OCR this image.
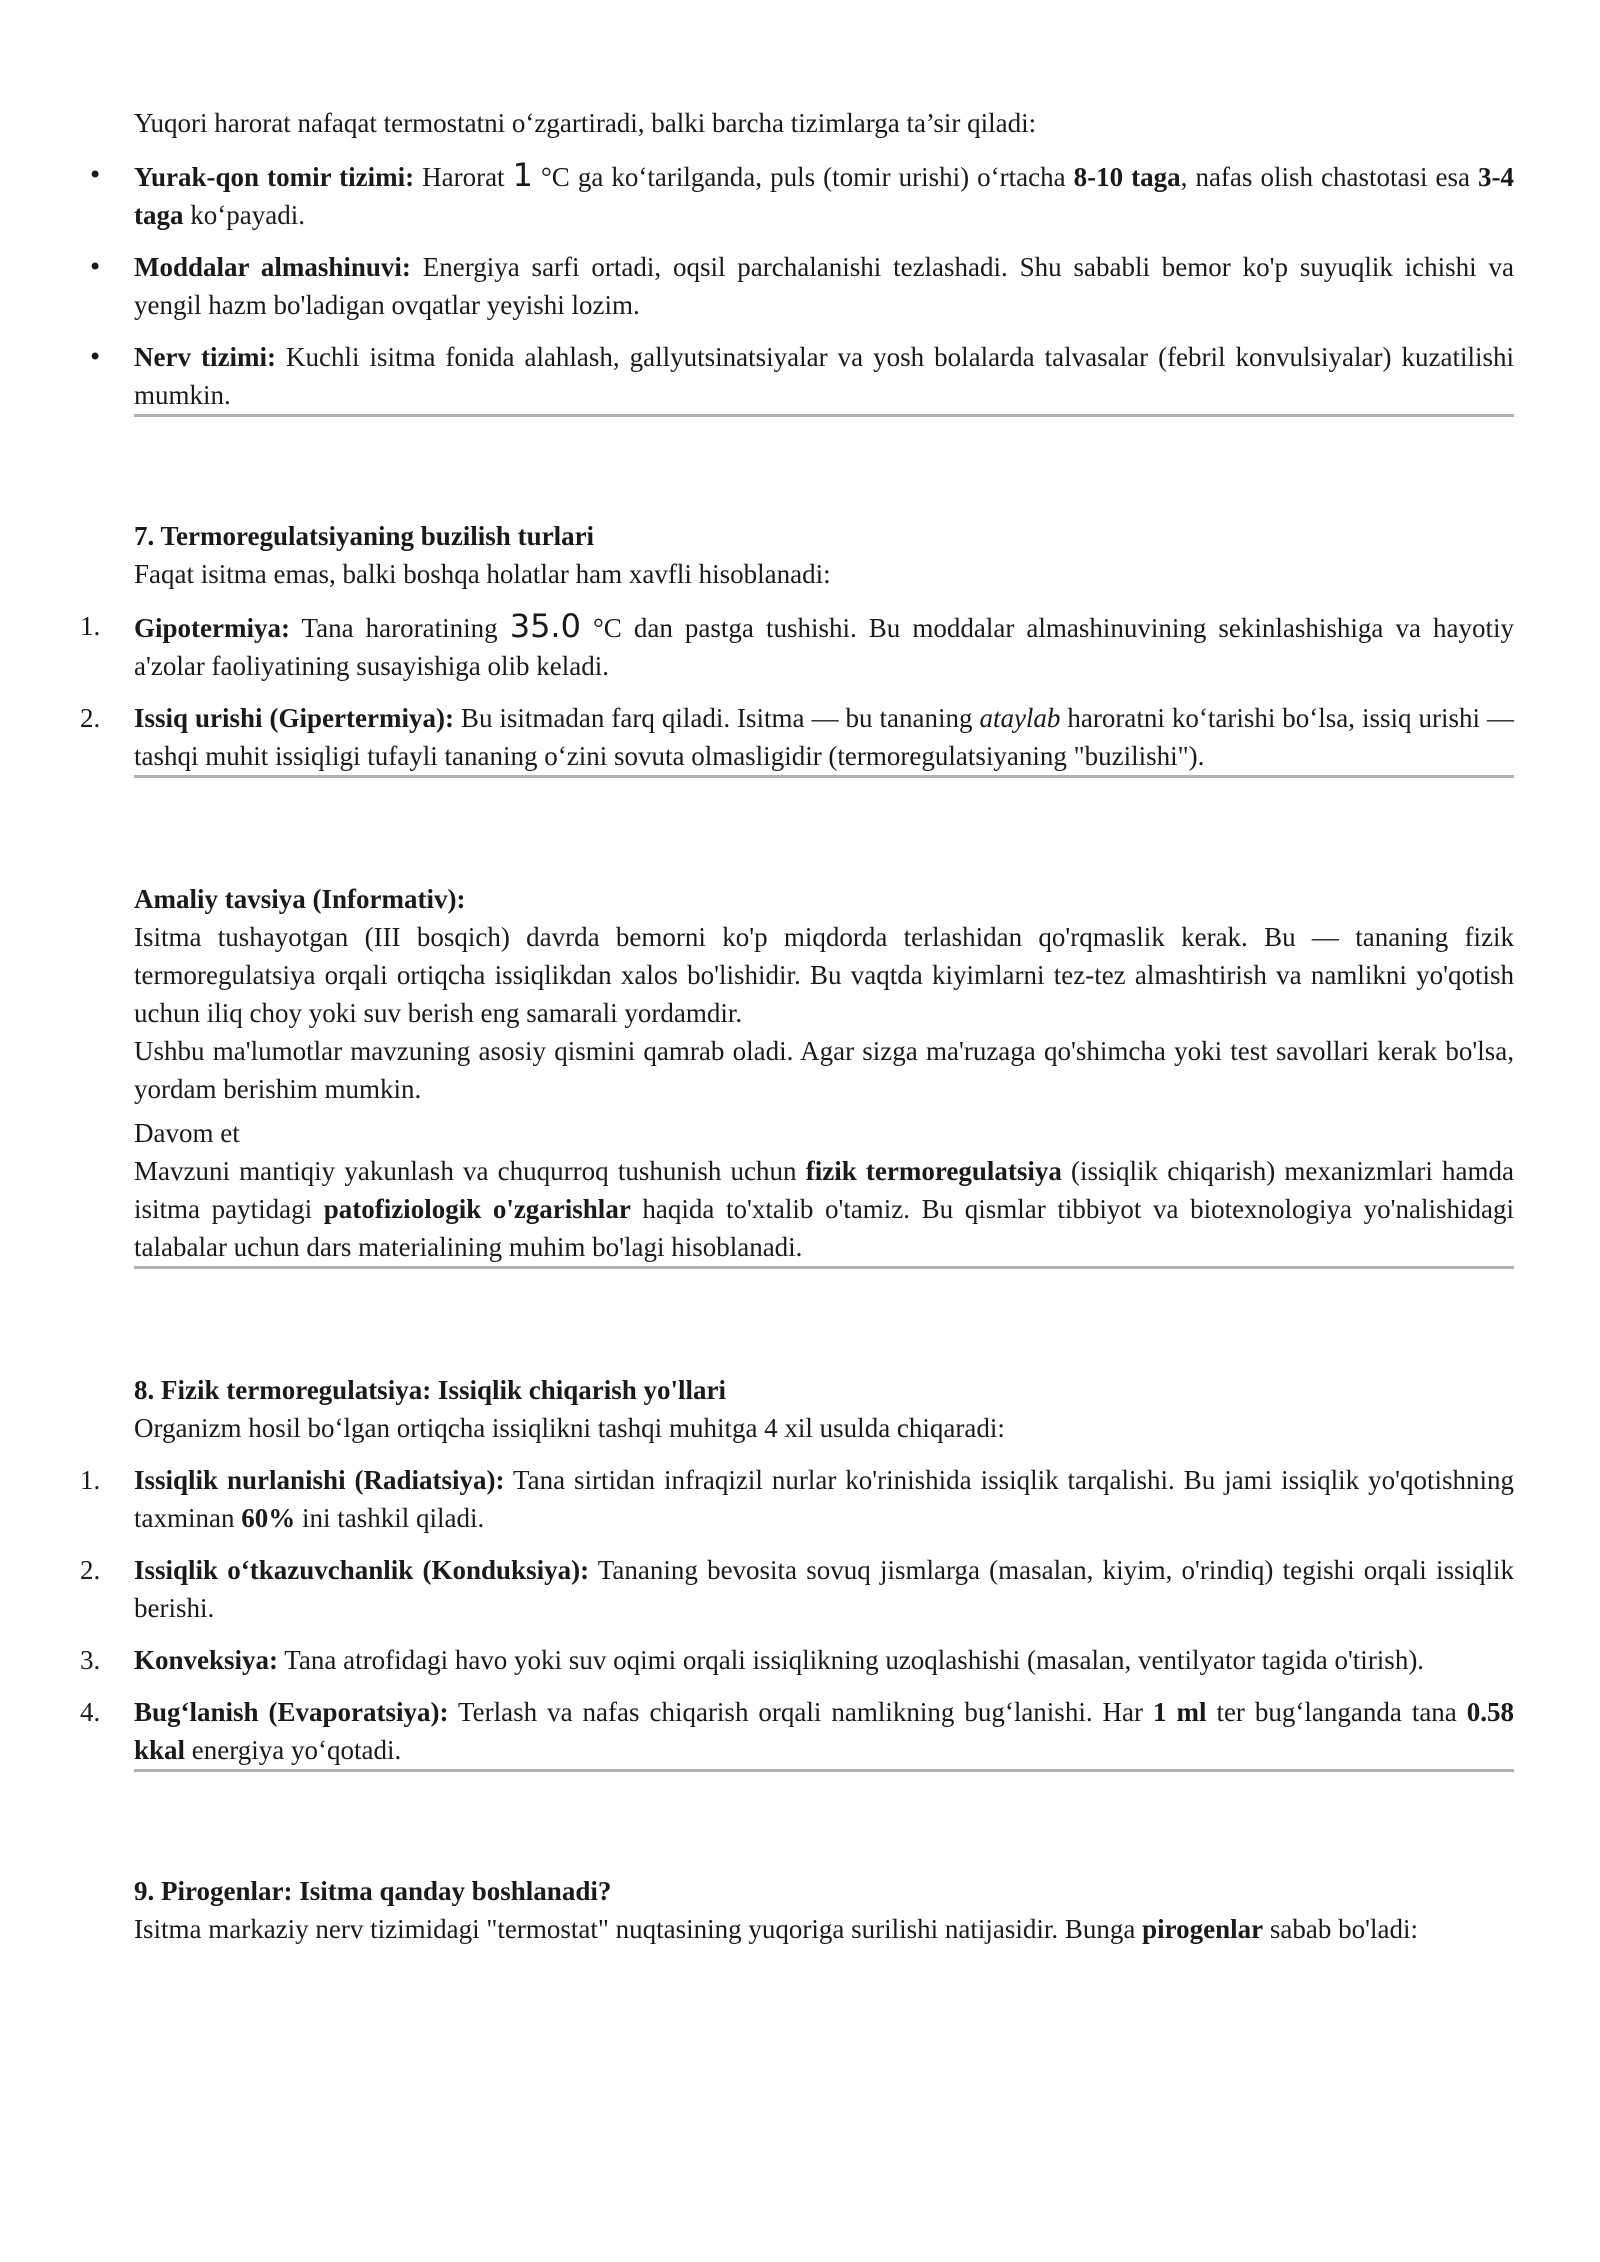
Yuqori harorat nafaqat termostatni o‘zgartiradi, balki barcha tizimlarga ta’sir qiladi:

• Yurak-qon tomir tizimi: Harorat 1 °C ga ko‘tarilganda, puls (tomir urishi) o‘rtacha 8-10 taga, nafas olish chastotasi esa 3-4 taga ko‘payadi.

• Moddalar almashinuvi: Energiya sarfi ortadi, oqsil parchalanishi tezlashadi. Shu sababli bemor ko'p suyuqlik ichishi va yengil hazm bo'ladigan ovqatlar yeyishi lozim.

• Nerv tizimi: Kuchli isitma fonida alahlash, gallyutsinatsiyalar va yosh bolalarda talvasalar (febril konvulsiyalar) kuzatilishi mumkin.

7. Termoregulatsiyaning buzilish turlari

Faqat isitma emas, balki boshqa holatlar ham xavfli hisoblanadi:

1. Gipotermiya: Tana haroratining 35.0 °C dan pastga tushishi. Bu moddalar almashinuvining sekinlashishiga va hayotiy a'zolar faoliyatining susayishiga olib keladi.

2. Issiq urishi (Gipertermiya): Bu isitmadan farq qiladi. Isitma — bu tananing ataylab haroratni ko‘tarishi bo‘lsa, issiq urishi — tashqi muhit issiqligi tufayli tananing o‘zini sovuta olmasligidir (termoregulatsiyaning "buzilishi").

Amaliy tavsiya (Informativ):

Isitma tushayotgan (III bosqich) davrda bemorni ko'p miqdorda terlashidan qo'rqmaslik kerak. Bu — tananing fizik termoregulatsiya orqali ortiqcha issiqlikdan xalos bo'lishidir. Bu vaqtda kiyimlarni tez-tez almashtirish va namlikni yo'qotish uchun iliq choy yoki suv berish eng samarali yordamdir.

Ushbu ma'lumotlar mavzuning asosiy qismini qamrab oladi. Agar sizga ma'ruzaga qo'shimcha yoki test savollari kerak bo'lsa, yordam berishim mumkin.

Davom et

Mavzuni mantiqiy yakunlash va chuqurroq tushunish uchun fizik termoregulatsiya (issiqlik chiqarish) mexanizmlari hamda isitma paytidagi patofiziologik o'zgarishlar haqida to'xtalib o'tamiz. Bu qismlar tibbiyot va biotexnologiya yo'nalishidagi talabalar uchun dars materialining muhim bo'lagi hisoblanadi.

8. Fizik termoregulatsiya: Issiqlik chiqarish yo'llari

Organizm hosil bo‘lgan ortiqcha issiqlikni tashqi muhitga 4 xil usulda chiqaradi:

1. Issiqlik nurlanishi (Radiatsiya): Tana sirtidan infraqizil nurlar ko'rinishida issiqlik tarqalishi. Bu jami issiqlik yo'qotishning taxminan 60% ini tashkil qiladi.

2. Issiqlik o‘tkazuvchanlik (Konduksiya): Tananing bevosita sovuq jismlarga (masalan, kiyim, o'rindiq) tegishi orqali issiqlik berishi.

3. Konveksiya: Tana atrofidagi havo yoki suv oqimi orqali issiqlikning uzoqlashishi (masalan, ventilyator tagida o'tirish).

4. Bug‘lanish (Evaporatsiya): Terlash va nafas chiqarish orqali namlikning bug‘lanishi. Har 1 ml ter bug‘langanda tana 0.58 kkal energiya yo‘qotadi.

9. Pirogenlar: Isitma qanday boshlanadi?

Isitma markaziy nerv tizimidagi "termostat" nuqtasining yuqoriga surilishi natijasidir. Bunga pirogenlar sabab bo'ladi:
